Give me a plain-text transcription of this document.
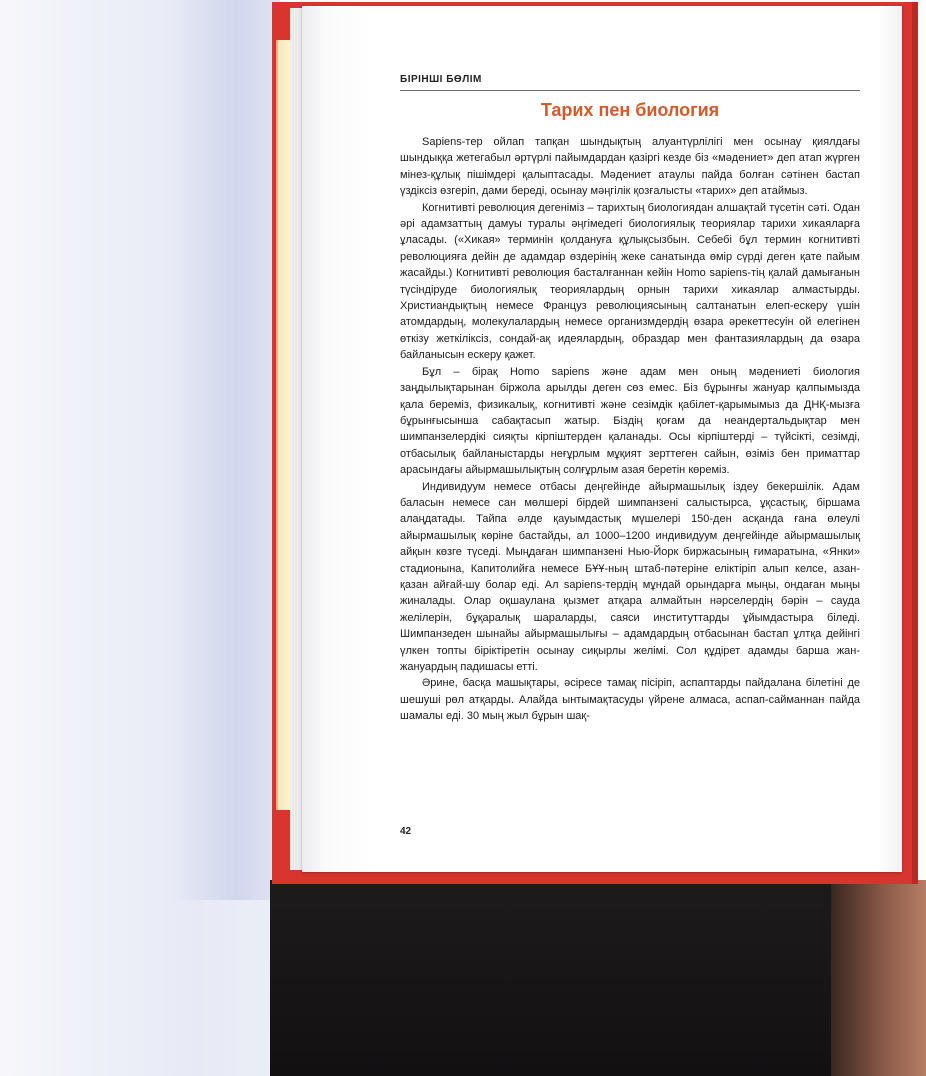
БІРІНШІ БӨЛІМ
Тарих пен биология

Sapiens-тер ойлап тапқан шындықтың алуантүрлілігі мен осынау қиялдағы шындыққа жетегабыл әртүрлі пайымдардан қазіргі кезде біз «мәдениет» деп атап жүрген мінез-құлық пішімдері қалыптасады. Мәдениет атаулы пайда болған сәтінен бастап үздіксіз өзгеріп, дами береді, осынау мәңгілік қозғалысты «тарих» деп атаймыз.

Когнитивті революция дегеніміз – тарихтың биологиядан алшақтай түсетін сәті. Одан әрі адамзаттың дамуы туралы әңгімедегі биологиялық теориялар тарихи хикаяларға ұласады. («Хикая» терминін қолдануға құлықсызбын. Себебі бұл термин когнитивті революцияға дейін де адамдар өздерінің жеке санатында өмір сүрді деген қате пайым жасайды.) Когнитивті революция басталғаннан кейін Homo sapiens-тің қалай дамығанын түсіндіруде биологиялық теориялардың орнын тарихи хикаялар алмастырды. Христиандықтың немесе Француз революциясының салтанатын елеп-ескеру үшін атомдардың, молекулалардың немесе организмдердің өзара әрекеттесуін ой елегінен өткізу жеткіліксіз, сондай-ақ идеялардың, образдар мен фантазиялардың да өзара байланысын ескеру қажет.

Бұл – бірақ Homo sapiens және адам мен оның мәдениеті биология заңдылықтарынан біржола арылды деген сөз емес. Біз бұрынғы жануар қалпымызда қала береміз, физикалық, когнитивті және сезімдік қабілет-қарымымыз да ДНҚ-мызға бұрынғысынша сабақтасып жатыр. Біздің қоғам да неандертальдықтар мен шимпанзелердікі сияқты кірпіштерден қаланады. Осы кірпіштерді – түйсікті, сезімді, отбасылық байланыстарды неғұрлым мұқият зерттеген сайын, өзіміз бен приматтар арасындағы айырмашылықтың солғұрлым азая беретін көреміз.

Индивидуум немесе отбасы деңгейінде айырмашылық іздеу бекершілік. Адам баласын немесе сан мөлшері бірдей шимпанзені салыстырса, ұқсастық, біршама алаңдатады. Тайпа әлде қауымдастық мүшелері 150-ден асқанда ғана өлеулі айырмашылық көріне бастайды, ал 1000–1200 индивидуум деңгейінде айырмашылық айқын көзге түседі. Мыңдаған шимпанзені Нью-Йорк биржасының ғимаратына, «Янки» стадионына, Капитолийға немесе БҰҰ-ның штаб-пәтеріне еліктіріп алып келсе, азан-қазан айғай-шу болар еді. Ал sapiens-тердің мұндай орындарға мыңы, ондаған мыңы жиналады. Олар оқшаулана қызмет атқара алмайтын нәрселердің бәрін – сауда желілерін, бұқаралық шараларды, саяси институттарды ұйымдастыра біледі. Шимпанзеден шынайы айырмашылығы – адамдардың отбасынан бастап ұлтқа дейінгі үлкен топты біріктіретін осынау сиқырлы желімі. Сол құдірет адамды барша жан-жануардың падишасы етті.

Әрине, басқа машықтары, әсіресе тамақ пісіріп, аспаптарды пайдалана білетіні де шешуші рөл атқарды. Алайда ынтымақтасуды үйрене алмаса, аспап-сайманнан пайда шамалы еді. 30 мың жыл бұрын шақ-

42
